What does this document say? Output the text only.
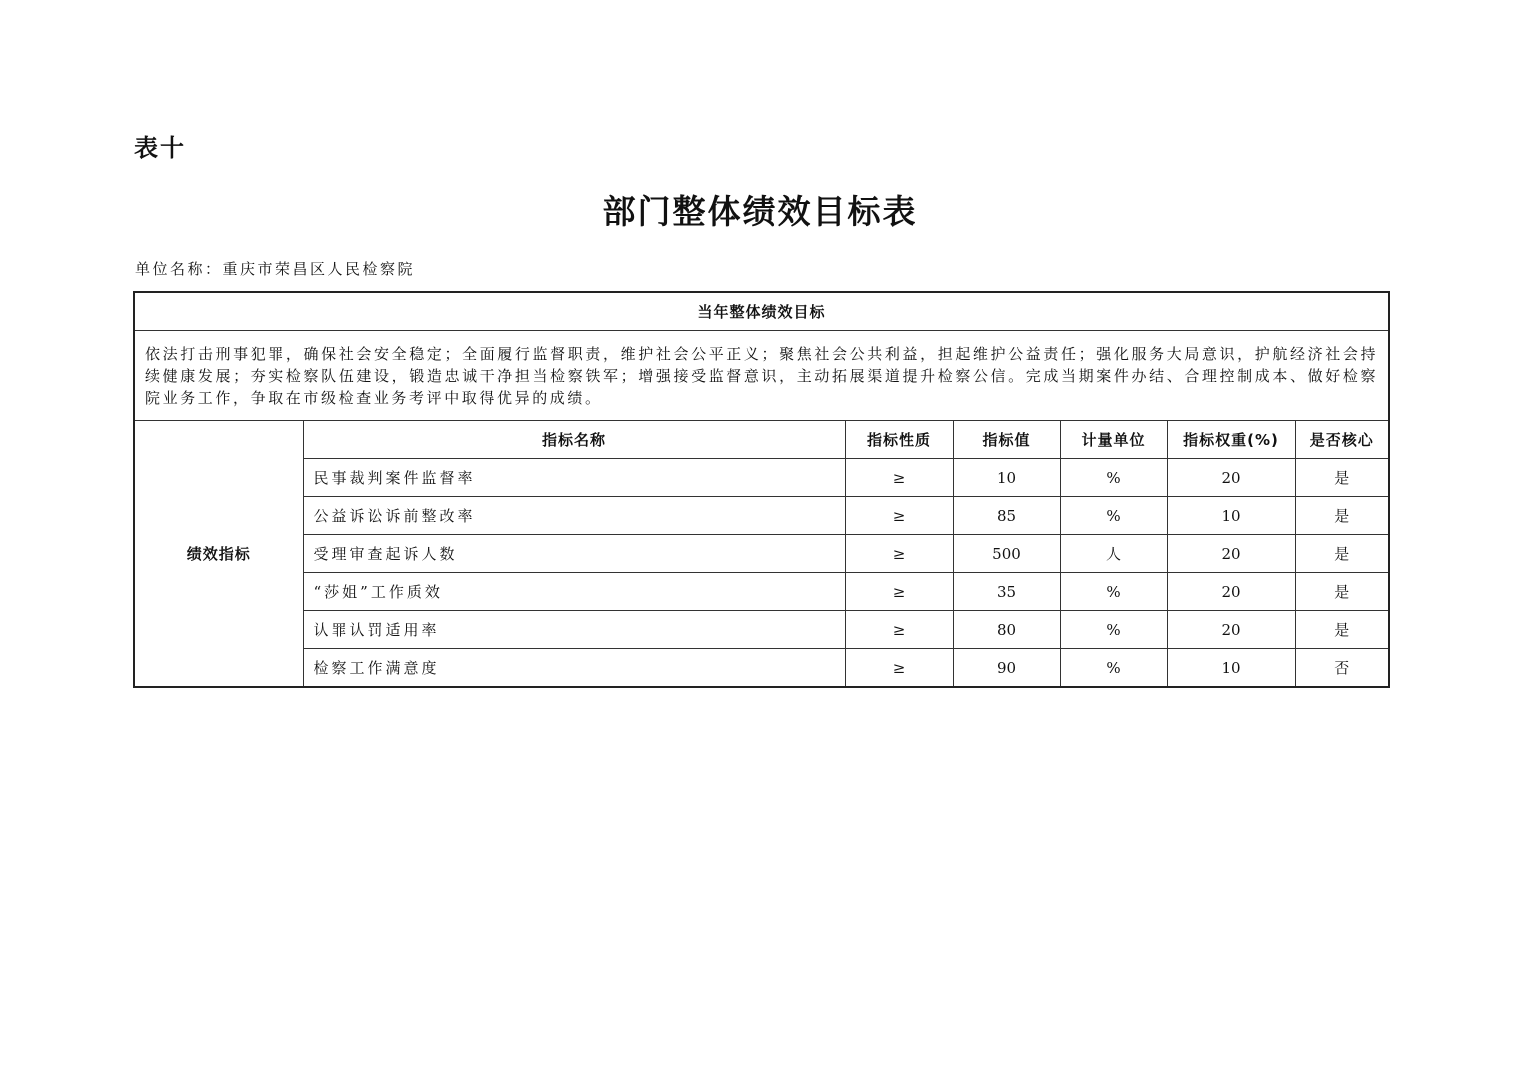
表十
部门整体绩效目标表
单位名称：重庆市荣昌区人民检察院
当年整体绩效目标						
依法打击刑事犯罪，确保社会安全稳定；全面履行监督职责，维护社会公平正义；聚焦社会公共利益，担起维护公益责任；强化服务大局意识，护航经济社会持续健康发展；夯实检察队伍建设，锻造忠诚干净担当检察铁军；增强接受监督意识，主动拓展渠道提升检察公信。完成当期案件办结、合理控制成本、做好检察院业务工作，争取在市级检查业务考评中取得优异的成绩。						
绩效指标	指标名称	指标性质	指标值	计量单位	指标权重(%)	是否核心
	民事裁判案件监督率	≥	10	%	20	是
	公益诉讼诉前整改率	≥	85	%	10	是
	受理审查起诉人数	≥	500	人	20	是
	“莎姐”工作质效	≥	35	%	20	是
	认罪认罚适用率	≥	80	%	20	是
	检察工作满意度	≥	90	%	10	否
